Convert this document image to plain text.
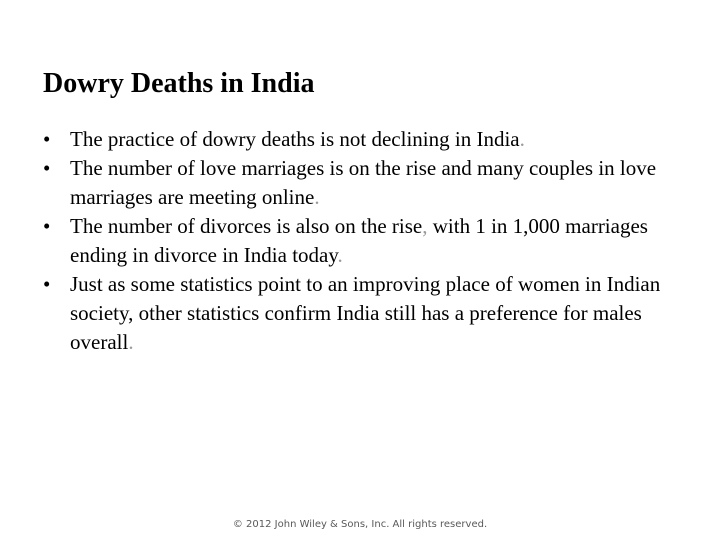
Dowry Deaths in India
• The practice of dowry deaths is not declining in India.
• The number of love marriages is on the rise and many couples in love marriages are meeting online.
• The number of divorces is also on the rise, with 1 in 1,000 marriages ending in divorce in India today.
• Just as some statistics point to an improving place of women in Indian society, other statistics confirm India still has a preference for males overall.

© 2012 John Wiley & Sons, Inc. All rights reserved.
